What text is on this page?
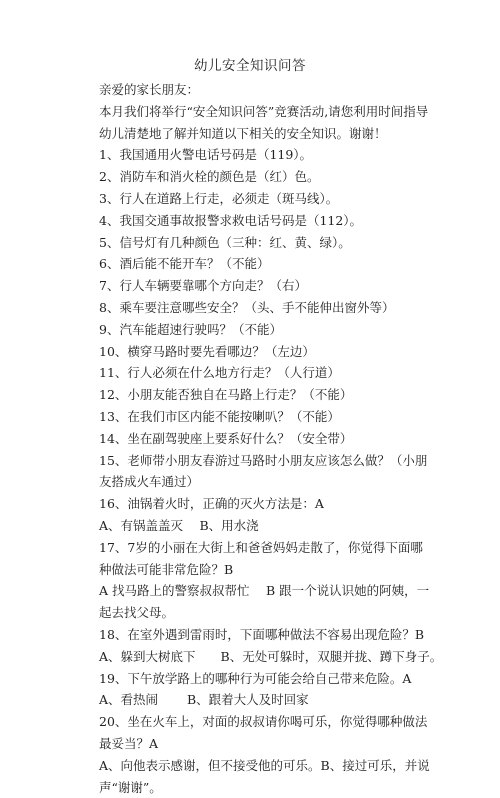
幼儿安全知识问答
亲爱的家长朋友：
本月我们将举行“安全知识问答”竞赛活动,请您利用时间指导幼儿清楚地了解并知道以下相关的安全知识。谢谢！
1、我国通用火警电话号码是（119）。
2、消防车和消火栓的颜色是（红）色。
3、行人在道路上行走，必须走（斑马线）。
4、我国交通事故报警求救电话号码是（112）。
5、信号灯有几种颜色（三种：红、黄、绿）。
6、酒后能不能开车？（不能）
7、行人车辆要靠哪个方向走？（右）
8、乘车要注意哪些安全？（头、手不能伸出窗外等）
9、汽车能超速行驶吗？（不能）
10、横穿马路时要先看哪边？（左边）
11、行人必须在什么地方行走？（人行道）
12、小朋友能否独自在马路上行走？（不能）
13、在我们市区内能不能按喇叭？（不能）
14、坐在副驾驶座上要系好什么？（安全带）
15、老师带小朋友春游过马路时小朋友应该怎么做？（小朋友搭成火车通过）
16、油锅着火时，正确的灭火方法是：A
A、有锅盖盖灭　 B、用水浇
17、7岁的小丽在大街上和爸爸妈妈走散了，你觉得下面哪种做法可能非常危险？B
A 找马路上的警察叔叔帮忙　 B 跟一个说认识她的阿姨，一起去找父母。
18、在室外遇到雷雨时，下面哪种做法不容易出现危险？B
A、躲到大树底下　　B、无处可躲时，双腿并拢、蹲下身子。
19、下午放学路上的哪种行为可能会给自己带来危险。A
A、看热闹　　 B、跟着大人及时回家
20、坐在火车上，对面的叔叔请你喝可乐，你觉得哪种做法最妥当？A
A、向他表示感谢，但不接受他的可乐。B、接过可乐，并说声“谢谢”。
